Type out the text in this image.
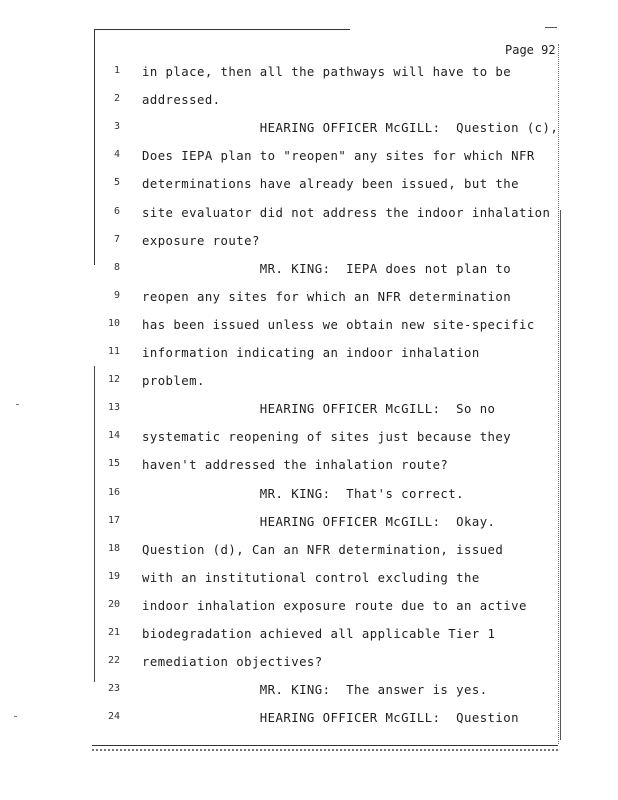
Page 92
1 in place, then all the pathways will have to be
2 addressed.
3 HEARING OFFICER McGILL:  Question (c),
4 Does IEPA plan to "reopen" any sites for which NFR
5 determinations have already been issued, but the
6 site evaluator did not address the indoor inhalation
7 exposure route?
8 MR. KING:  IEPA does not plan to
9 reopen any sites for which an NFR determination
10 has been issued unless we obtain new site-specific
11 information indicating an indoor inhalation
12 problem.
13 HEARING OFFICER McGILL:  So no
14 systematic reopening of sites just because they
15 haven't addressed the inhalation route?
16 MR. KING:  That's correct.
17 HEARING OFFICER McGILL:  Okay.
18 Question (d), Can an NFR determination, issued
19 with an institutional control excluding the
20 indoor inhalation exposure route due to an active
21 biodegradation achieved all applicable Tier 1
22 remediation objectives?
23 MR. KING:  The answer is yes.
24 HEARING OFFICER McGILL:  Question
